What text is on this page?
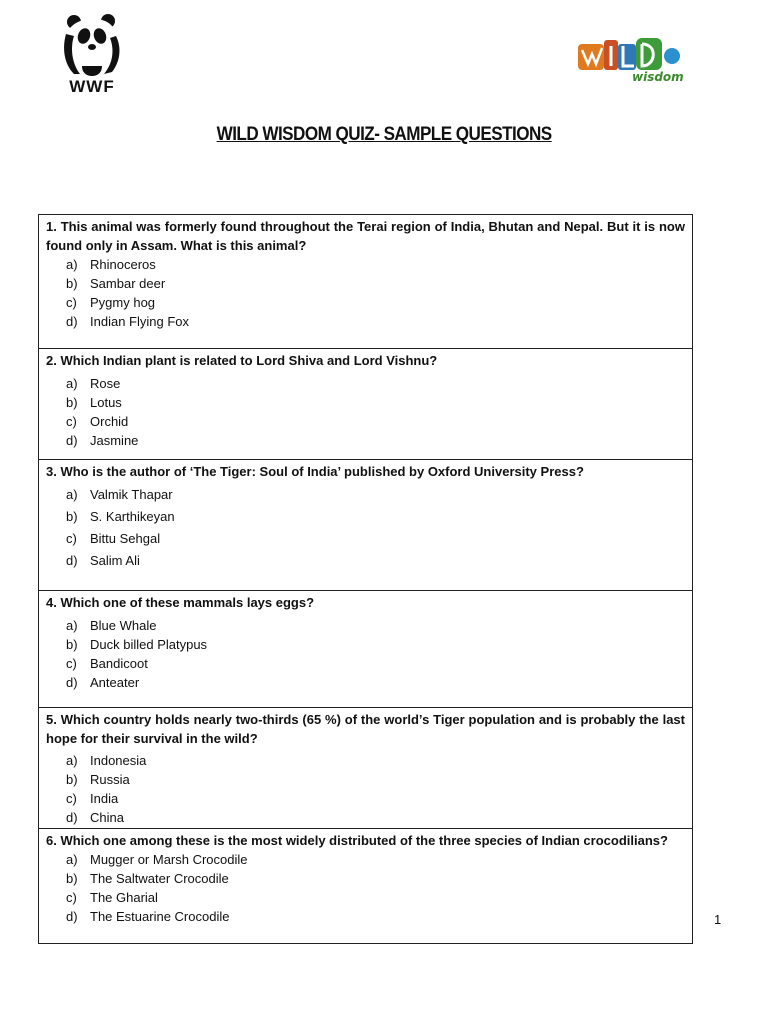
WWF	wisdom
WILD WISDOM QUIZ- SAMPLE QUESTIONS
1. This animal was formerly found throughout the Terai region of India, Bhutan and Nepal. But it is now found only in Assam. What is this animal?
a) Rhinoceros
b) Sambar deer
c)	Pygmy hog
d) Indian Flying Fox
2. Which Indian plant is related to Lord Shiva and Lord Vishnu?
a) Rose
b) Lotus
c)	Orchid
d) Jasmine
3. Who is the author of ‘The Tiger: Soul of India’ published by Oxford University Press?
a) Valmik Thapar
b) S. Karthikeyan
c)	Bittu Sehgal
d) Salim Ali
4. Which one of these mammals lays eggs?
a) Blue Whale
b) Duck billed Platypus
c)	Bandicoot
d) Anteater
5. Which country holds nearly two-thirds (65 %) of the world’s Tiger population and is probably the last hope for their survival in the wild?
a) Indonesia
b) Russia
c)	India
d) China
6. Which one among these is the most widely distributed of the three species of Indian crocodilians?
a) Mugger or Marsh Crocodile
b) The Saltwater Crocodile
c)	The Gharial
d) The Estuarine Crocodile	1
